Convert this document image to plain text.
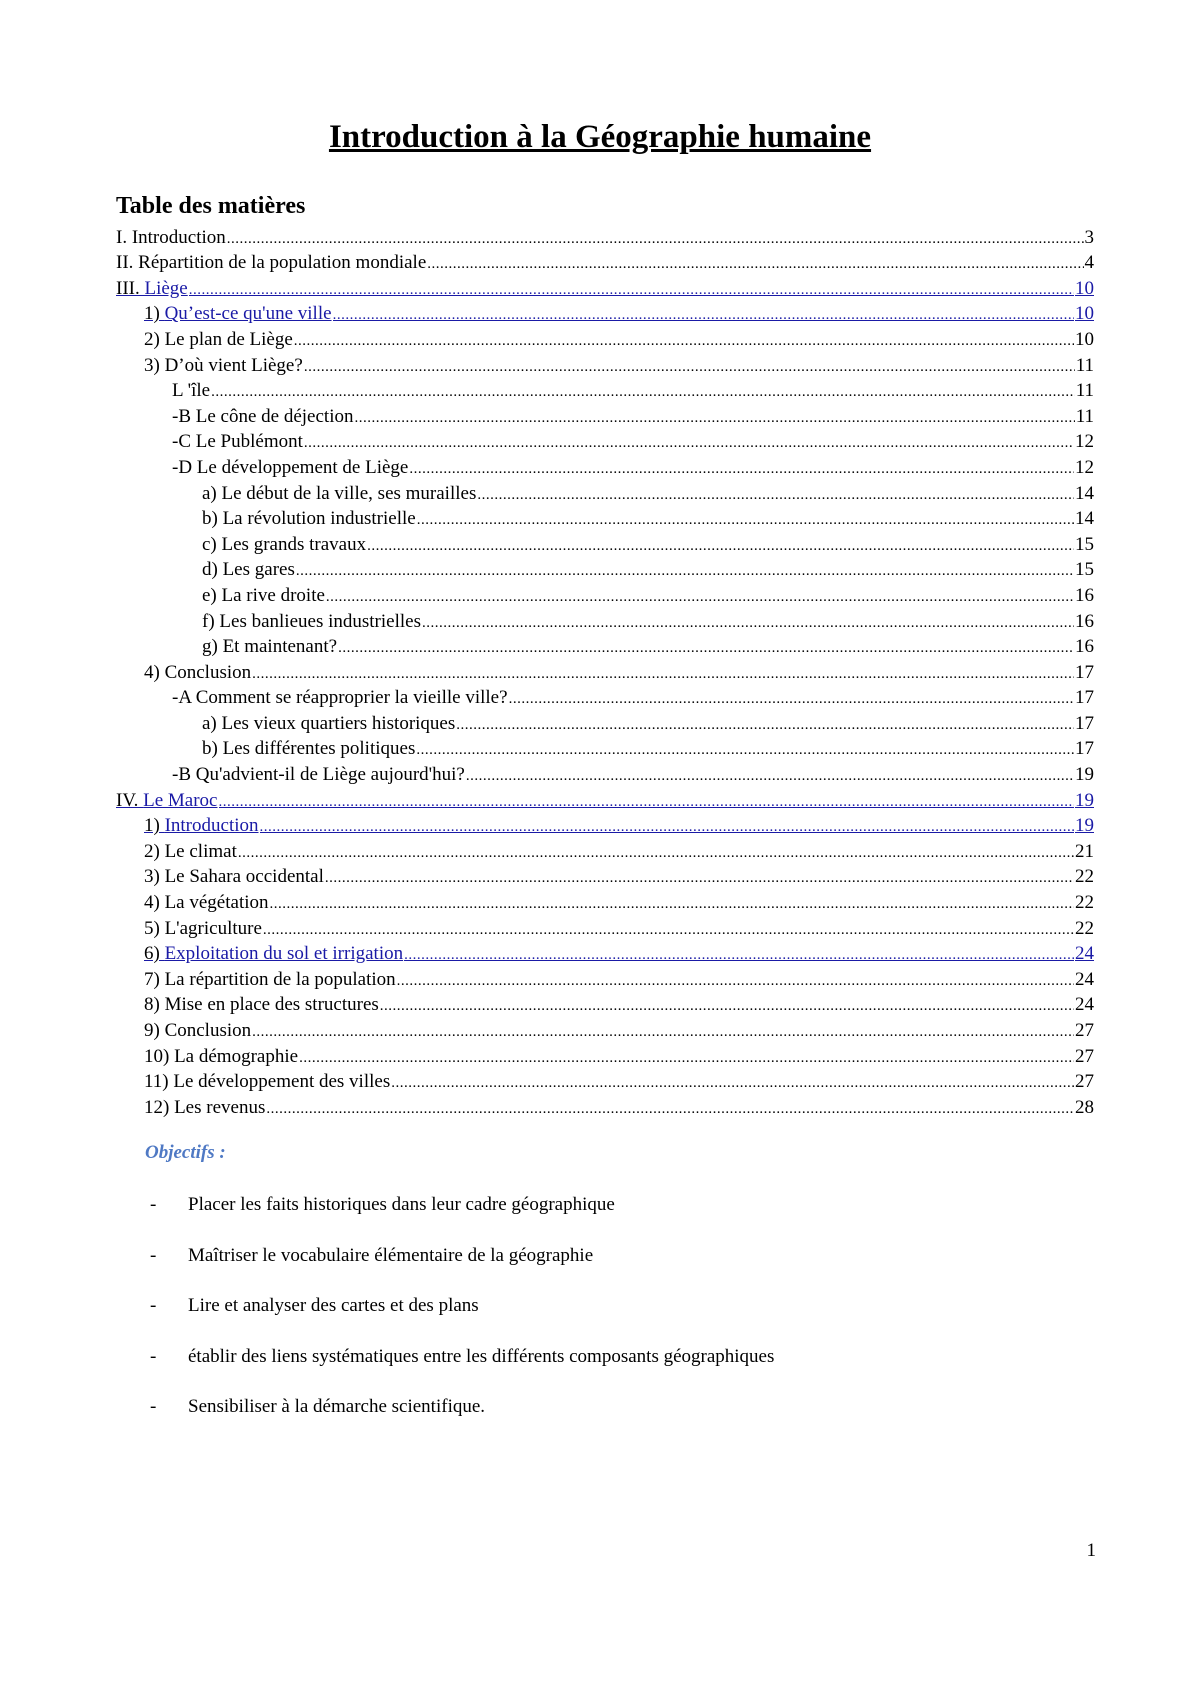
Introduction à la Géographie humaine
Table des matières
I. Introduction .....	3
II. Répartition de la population mondiale .....	4
III. Liège .....	10
1) Qu’est-ce qu'une ville .....	10
2) Le plan de Liège .....	10
3) D’où vient Liège? .....	11
L 'île .....	11
-B Le cône de déjection .....	11
-C Le Publémont .....	12
-D Le développement de Liège .....	12
a) Le début de la ville, ses murailles .....	14
b) La révolution industrielle .....	14
c) Les grands travaux .....	15
d) Les gares .....	15
e) La rive droite .....	16
f) Les banlieues industrielles .....	16
g) Et maintenant? .....	16
4) Conclusion .....	17
-A Comment se réapproprier la vieille ville? .....	17
a) Les vieux quartiers historiques .....	17
b) Les différentes politiques .....	17
-B Qu'advient-il de Liège aujourd'hui? .....	19
IV. Le Maroc .....	19
1) Introduction .....	19
2) Le climat .....	21
3) Le Sahara occidental .....	22
4) La végétation .....	22
5) L'agriculture .....	22
6) Exploitation du sol et irrigation .....	24
7) La répartition de la population .....	24
8) Mise en place des structures .....	24
9) Conclusion .....	27
10) La démographie .....	27
11) Le développement des villes .....	27
12) Les revenus .....	28

Objectifs :

-	Placer les faits historiques dans leur cadre géographique
-	Maîtriser le vocabulaire élémentaire de la géographie
-	Lire et analyser des cartes et des plans
-	établir des liens systématiques entre les différents composants géographiques
-	Sensibiliser à la démarche scientifique.

1
